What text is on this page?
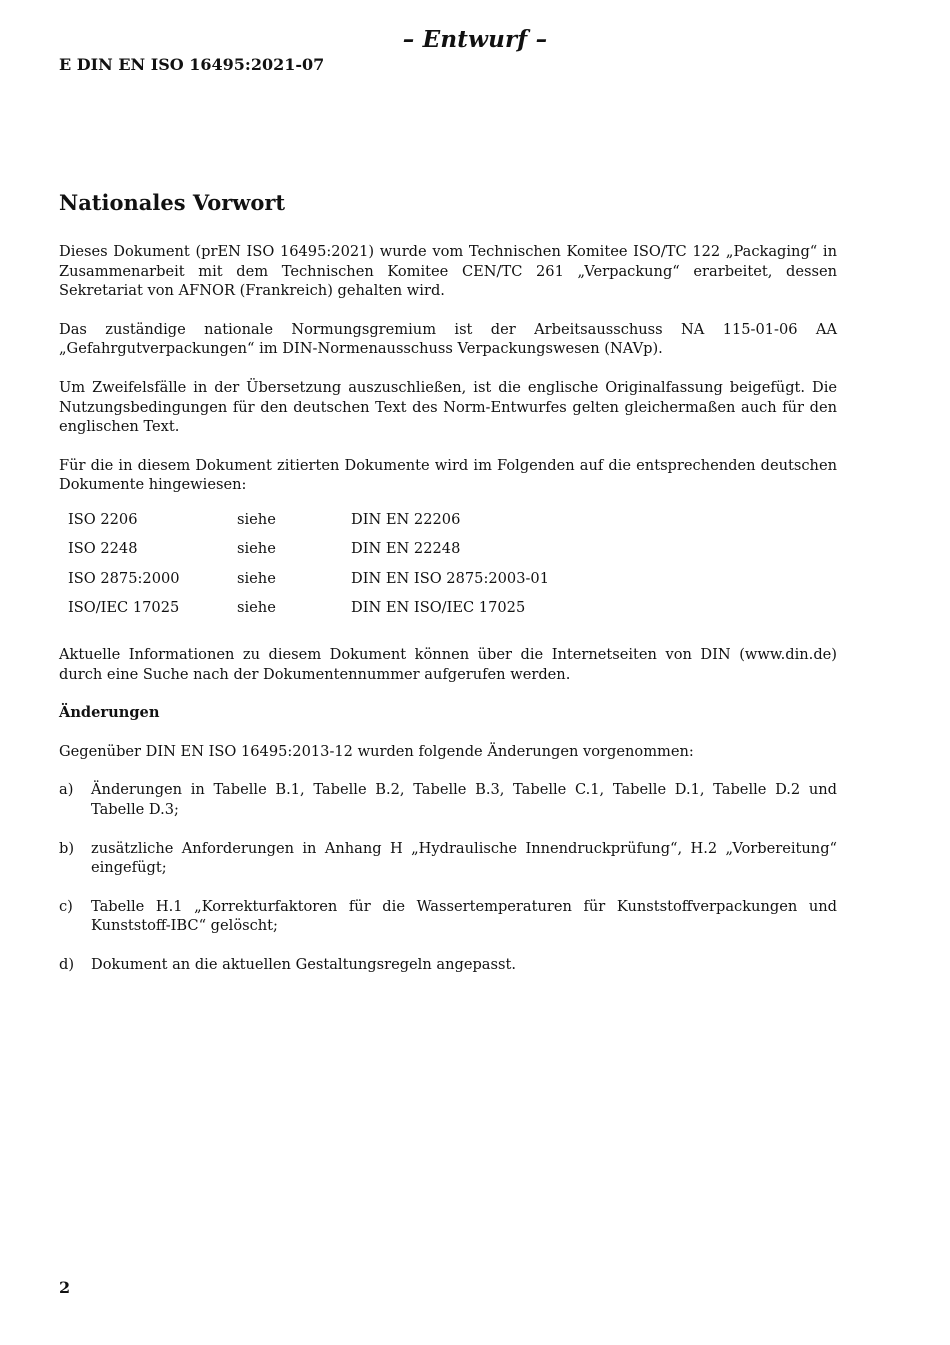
– Entwurf –
E DIN EN ISO 16495:2021-07
Nationales Vorwort

Dieses Dokument (prEN ISO 16495:2021) wurde vom Technischen Komitee ISO/TC 122 „Packaging“ in Zusammenarbeit mit dem Technischen Komitee CEN/TC 261 „Verpackung“ erarbeitet, dessen Sekretariat von AFNOR (Frankreich) gehalten wird.

Das zuständige nationale Normungsgremium ist der Arbeitsausschuss NA 115-01-06 AA „Gefahrgutverpackungen“ im DIN-Normenausschuss Verpackungswesen (NAVp).

Um Zweifelsfälle in der Übersetzung auszuschließen, ist die englische Originalfassung beigefügt. Die Nutzungsbedingungen für den deutschen Text des Norm-Entwurfes gelten gleichermaßen auch für den englischen Text.

Für die in diesem Dokument zitierten Dokumente wird im Folgenden auf die entsprechenden deutschen Dokumente hingewiesen:

ISO 2206	siehe	DIN EN 22206
ISO 2248	siehe	DIN EN 22248
ISO 2875:2000	siehe	DIN EN ISO 2875:2003-01
ISO/IEC 17025	siehe	DIN EN ISO/IEC 17025

Aktuelle Informationen zu diesem Dokument können über die Internetseiten von DIN (www.din.de) durch eine Suche nach der Dokumentennummer aufgerufen werden.

Änderungen

Gegenüber DIN EN ISO 16495:2013-12 wurden folgende Änderungen vorgenommen:

a)	Änderungen in Tabelle B.1, Tabelle B.2, Tabelle B.3, Tabelle C.1, Tabelle D.1, Tabelle D.2 und Tabelle D.3;
b)	zusätzliche Anforderungen in Anhang H „Hydraulische Innendruckprüfung“, H.2 „Vorbereitung“ eingefügt;
c)	Tabelle H.1 „Korrekturfaktoren für die Wassertemperaturen für Kunststoffverpackungen und Kunststoff-IBC“ gelöscht;
d)	Dokument an die aktuellen Gestaltungsregeln angepasst.
2
